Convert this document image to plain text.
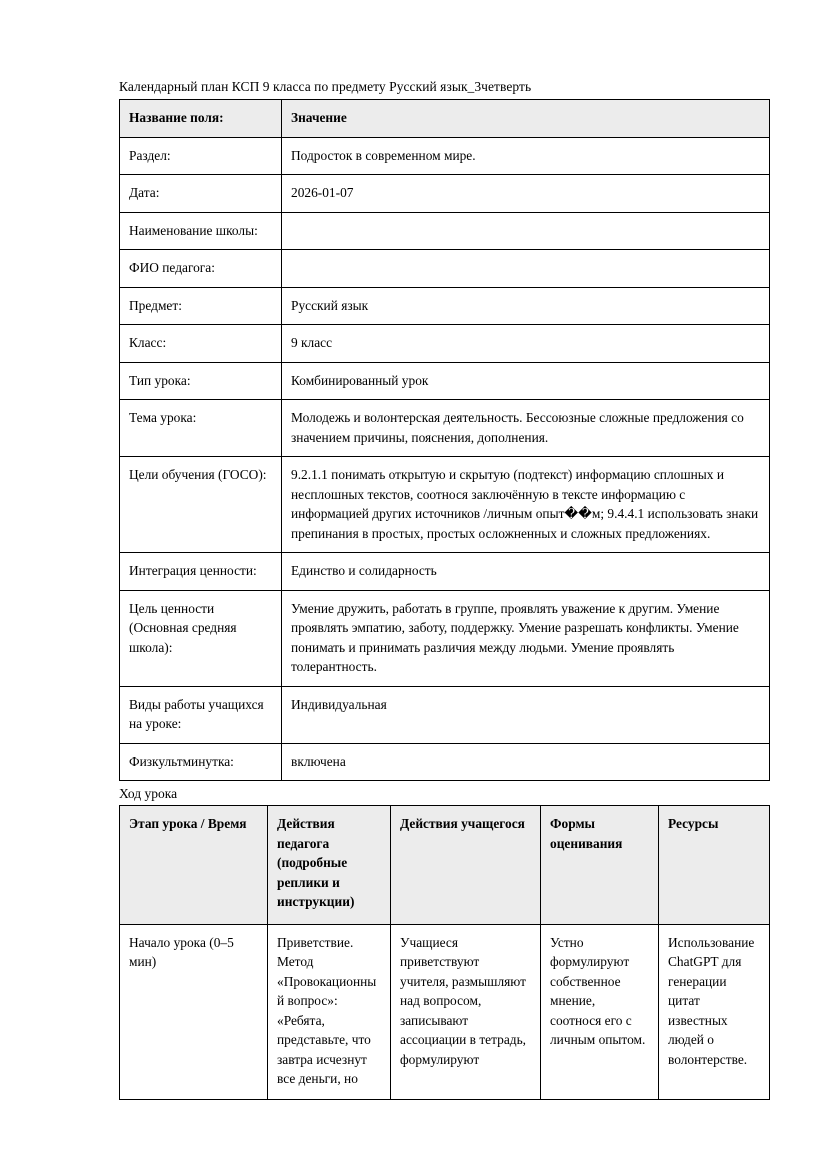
Календарный план КСП 9 класса по предмету Русский язык_3четверть
Название поля:	Значение
Раздел:	Подросток в современном мире.
Дата:	2026-01-07
Наименование школы:	
ФИО педагога:	
Предмет:	Русский язык
Класс:	9 класс
Тип урока:	Комбинированный урок
Тема урока:	Молодежь и волонтерская деятельность. Бессоюзные сложные предложения со значением причины, пояснения, дополнения.
Цели обучения (ГОСО):	9.2.1.1 понимать открытую и скрытую (подтекст) информацию сплошных и несплошных текстов, соотнося заключённую в тексте информацию с информацией других источников /личным опыт��м; 9.4.4.1 использовать знаки препинания в простых, простых осложненных и сложных предложениях.
Интеграция ценности:	Единство и солидарность
Цель ценности (Основная средняя школа):	Умение дружить, работать в группе, проявлять уважение к другим. Умение проявлять эмпатию, заботу, поддержку. Умение разрешать конфликты. Умение понимать и принимать различия между людьми. Умение проявлять толерантность.
Виды работы учащихся на уроке:	Индивидуальная
Физкультминутка:	включена
Ход урока
Этап урока / Время	Действия педагога (подробные реплики и инструкции)	Действия учащегося	Формы оценивания	Ресурсы
Начало урока (0–5 мин)	Приветствие. Метод «Провокационный вопрос»: «Ребята, представьте, что завтра исчезнут все деньги, но	Учащиеся приветствуют учителя, размышляют над вопросом, записывают ассоциации в тетрадь, формулируют	Устно формулируют собственное мнение, соотнося его с личным опытом.	Использование ChatGPT для генерации цитат известных людей о волонтерстве.
